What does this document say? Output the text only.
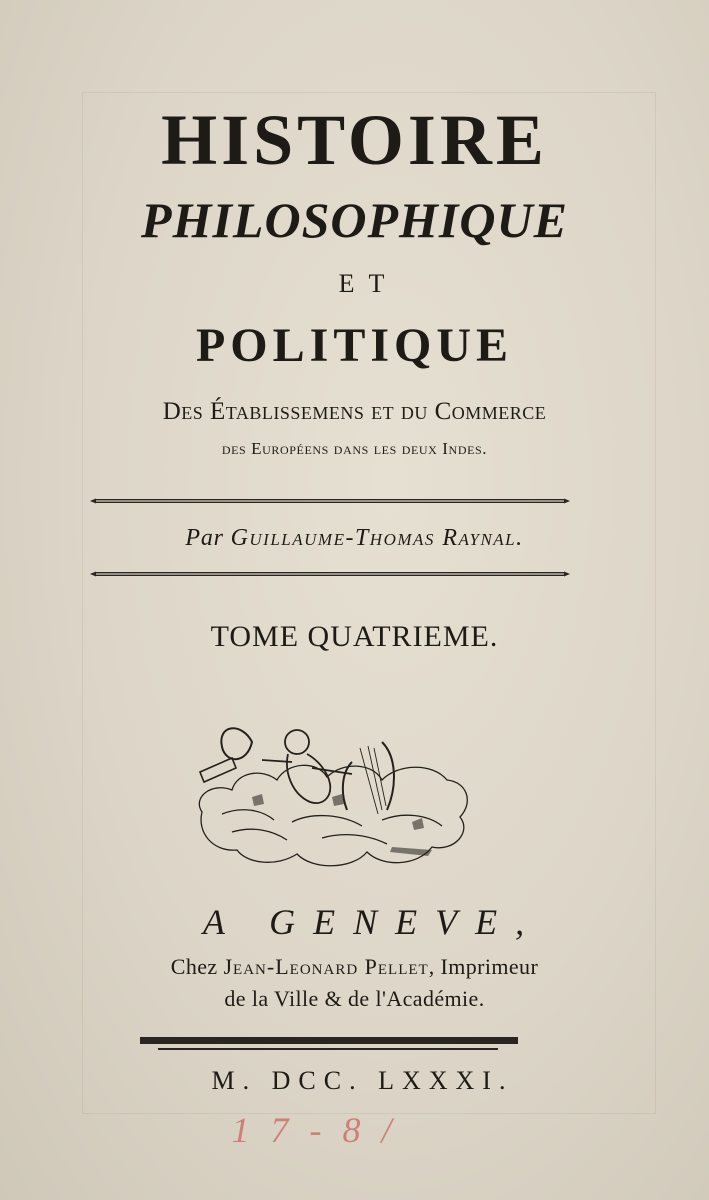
HISTOIRE
PHILOSOPHIQUE
ET
POLITIQUE
Des Établissemens et du Commerce
des Européens dans les deux Indes.
Par Guillaume-Thomas Raynal.
TOME QUATRIEME.
A GENEVE,
Chez Jean-Leonard Pellet, Imprimeur
de la Ville & de l'Académie.
M. DCC. LXXXI.
1 7 - 8 /
